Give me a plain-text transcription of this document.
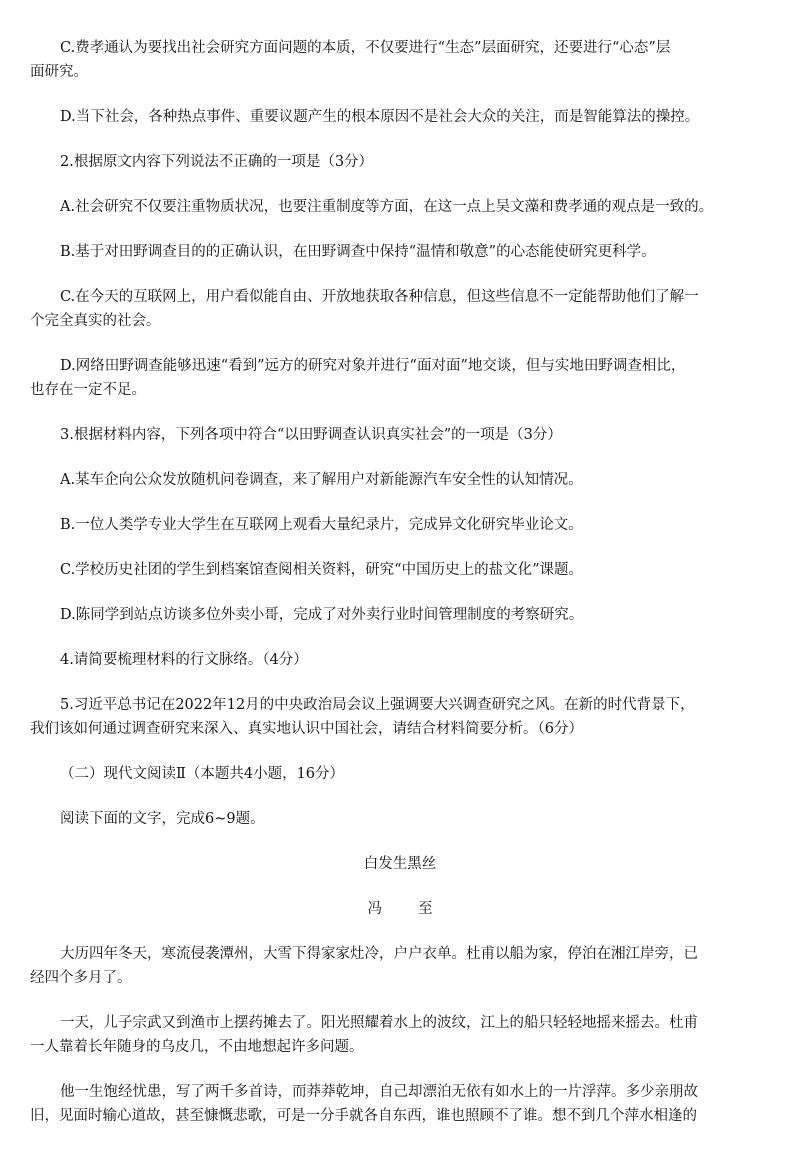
C.费孝通认为要找出社会研究方面问题的本质，不仅要进行“生态”层面研究，还要进行“心态”层

面研究。

D.当下社会，各种热点事件、重要议题产生的根本原因不是社会大众的关注，而是智能算法的操控。

2.根据原文内容下列说法不正确的一项是（3分）

A.社会研究不仅要注重物质状况，也要注重制度等方面，在这一点上吴文藻和费孝通的观点是一致的。

B.基于对田野调查目的的正确认识，在田野调查中保持“温情和敬意”的心态能使研究更科学。

C.在今天的互联网上，用户看似能自由、开放地获取各种信息，但这些信息不一定能帮助他们了解一

个完全真实的社会。

D.网络田野调查能够迅速“看到”远方的研究对象并进行“面对面”地交谈，但与实地田野调查相比，

也存在一定不足。

3.根据材料内容，下列各项中符合“以田野调查认识真实社会”的一项是（3分）

A.某车企向公众发放随机问卷调查，来了解用户对新能源汽车安全性的认知情况。

B.一位人类学专业大学生在互联网上观看大量纪录片，完成异文化研究毕业论文。

C.学校历史社团的学生到档案馆查阅相关资料，研究“中国历史上的盐文化”课题。

D.陈同学到站点访谈多位外卖小哥，完成了对外卖行业时间管理制度的考察研究。

4.请简要梳理材料的行文脉络。（4分）

5.习近平总书记在2022年12月的中央政治局会议上强调要大兴调查研究之风。在新的时代背景下，

我们该如何通过调查研究来深入、真实地认识中国社会，请结合材料简要分析。（6分）

（二）现代文阅读Ⅱ（本题共4小题，16分）

阅读下面的文字，完成6~9题。

白发生黑丝

冯 至

大历四年冬天，寒流侵袭潭州，大雪下得家家灶冷，户户衣单。杜甫以船为家，停泊在湘江岸旁，已

经四个多月了。

一天，儿子宗武又到渔市上摆药摊去了。阳光照耀着水上的波纹，江上的船只轻轻地摇来摇去。杜甫

一人靠着长年随身的乌皮几，不由地想起许多问题。

他一生饱经忧患，写了两千多首诗，而莽莽乾坤，自己却漂泊无依有如水上的一片浮萍。多少亲朋故

旧，见面时输心道故，甚至慷慨悲歌，可是一分手就各自东西，谁也照顾不了谁。想不到几个萍水相逢的
